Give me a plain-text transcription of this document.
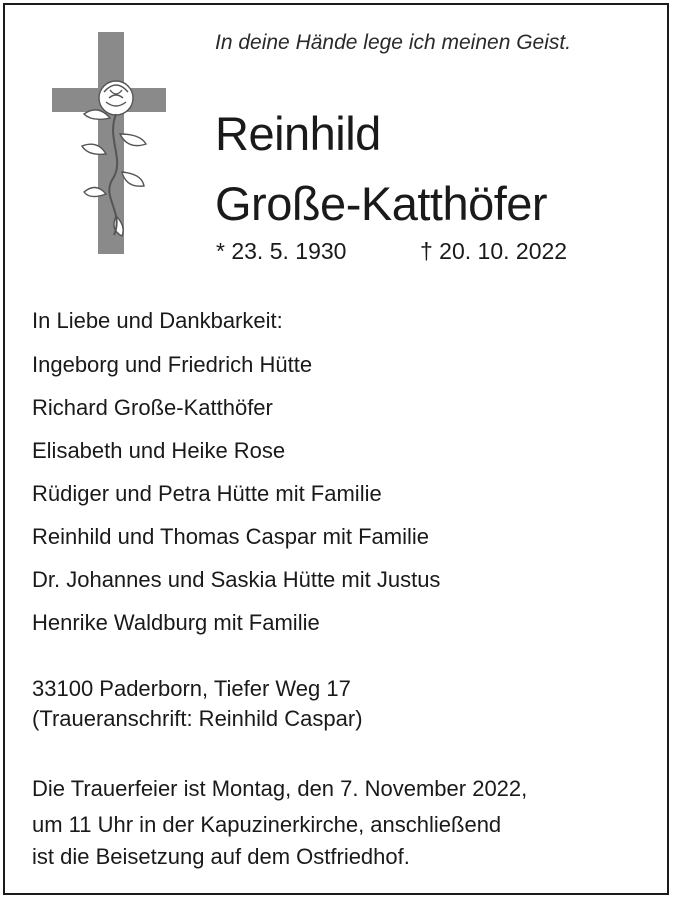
In deine Hände lege ich meinen Geist.
Reinhild
Große-Katthöfer
* 23. 5. 1930	† 20. 10. 2022
In Liebe und Dankbarkeit:
Ingeborg und Friedrich Hütte
Richard Große-Katthöfer
Elisabeth und Heike Rose
Rüdiger und Petra Hütte mit Familie
Reinhild und Thomas Caspar mit Familie
Dr. Johannes und Saskia Hütte mit Justus
Henrike Waldburg mit Familie
33100 Paderborn, Tiefer Weg 17
(Traueranschrift: Reinhild Caspar)
Die Trauerfeier ist Montag, den 7. November 2022,
um 11 Uhr in der Kapuzinerkirche, anschließend
ist die Beisetzung auf dem Ostfriedhof.
